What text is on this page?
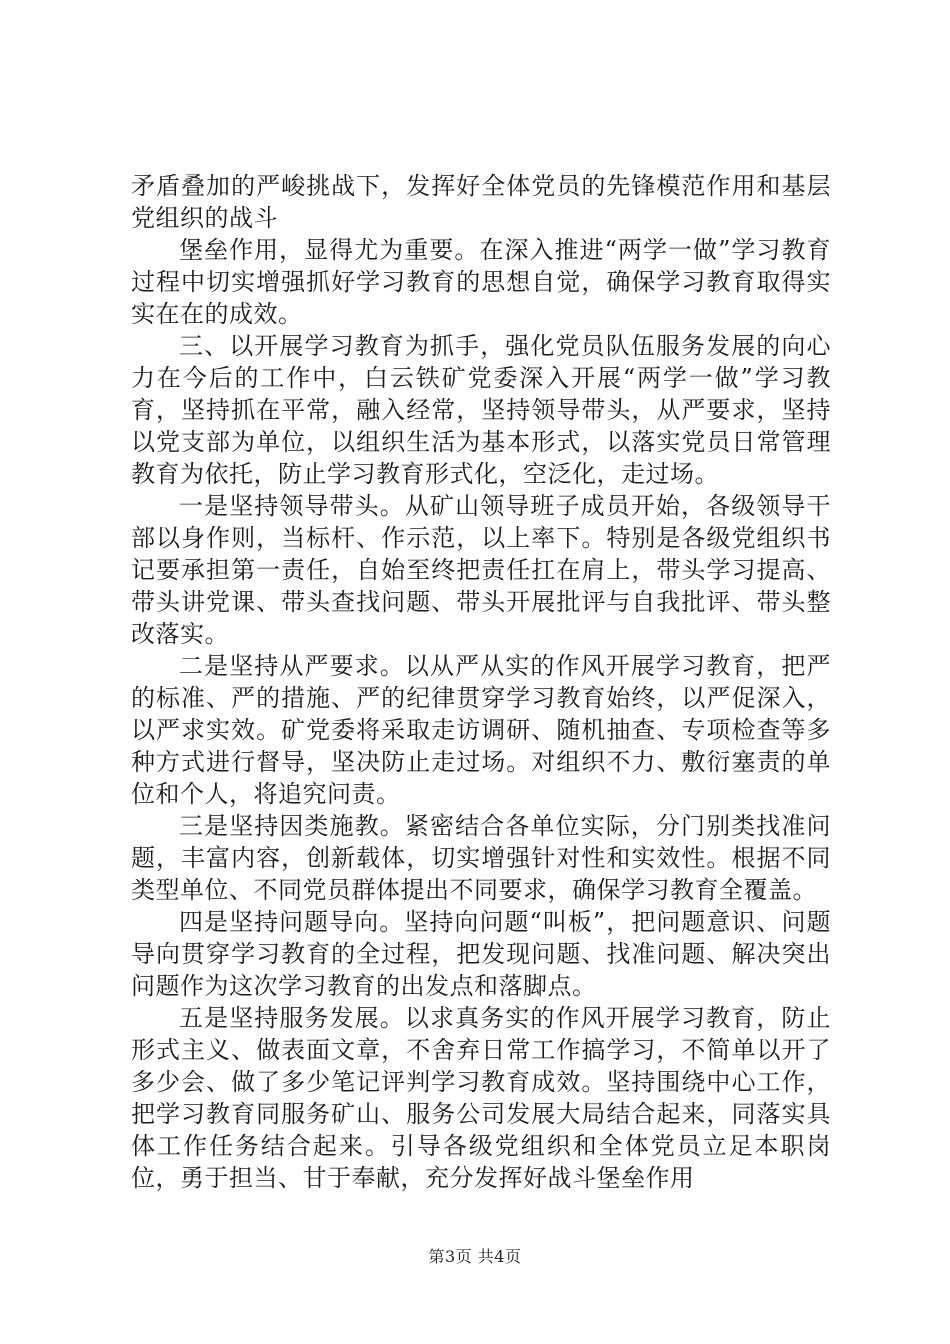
矛盾叠加的严峻挑战下，发挥好全体党员的先锋模范作用和基层党组织的战斗

堡垒作用，显得尤为重要。在深入推进“两学一做”学习教育过程中切实增强抓好学习教育的思想自觉，确保学习教育取得实实在在的成效。

三、以开展学习教育为抓手，强化党员队伍服务发展的向心力在今后的工作中，白云铁矿党委深入开展“两学一做”学习教育，坚持抓在平常，融入经常，坚持领导带头，从严要求，坚持以党支部为单位，以组织生活为基本形式，以落实党员日常管理教育为依托，防止学习教育形式化，空泛化，走过场。

一是坚持领导带头。从矿山领导班子成员开始，各级领导干部以身作则，当标杆、作示范，以上率下。特别是各级党组织书记要承担第一责任，自始至终把责任扛在肩上，带头学习提高、带头讲党课、带头查找问题、带头开展批评与自我批评、带头整改落实。

二是坚持从严要求。以从严从实的作风开展学习教育，把严的标准、严的措施、严的纪律贯穿学习教育始终，以严促深入，以严求实效。矿党委将采取走访调研、随机抽查、专项检查等多种方式进行督导，坚决防止走过场。对组织不力、敷衍塞责的单位和个人，将追究问责。

三是坚持因类施教。紧密结合各单位实际，分门别类找准问题，丰富内容，创新载体，切实增强针对性和实效性。根据不同类型单位、不同党员群体提出不同要求，确保学习教育全覆盖。

四是坚持问题导向。坚持向问题“叫板”，把问题意识、问题导向贯穿学习教育的全过程，把发现问题、找准问题、解决突出问题作为这次学习教育的出发点和落脚点。

五是坚持服务发展。以求真务实的作风开展学习教育，防止形式主义、做表面文章，不舍弃日常工作搞学习，不简单以开了多少会、做了多少笔记评判学习教育成效。坚持围绕中心工作，把学习教育同服务矿山、服务公司发展大局结合起来，同落实具体工作任务结合起来。引导各级党组织和全体党员立足本职岗位，勇于担当、甘于奉献，充分发挥好战斗堡垒作用

第3页 共4页
